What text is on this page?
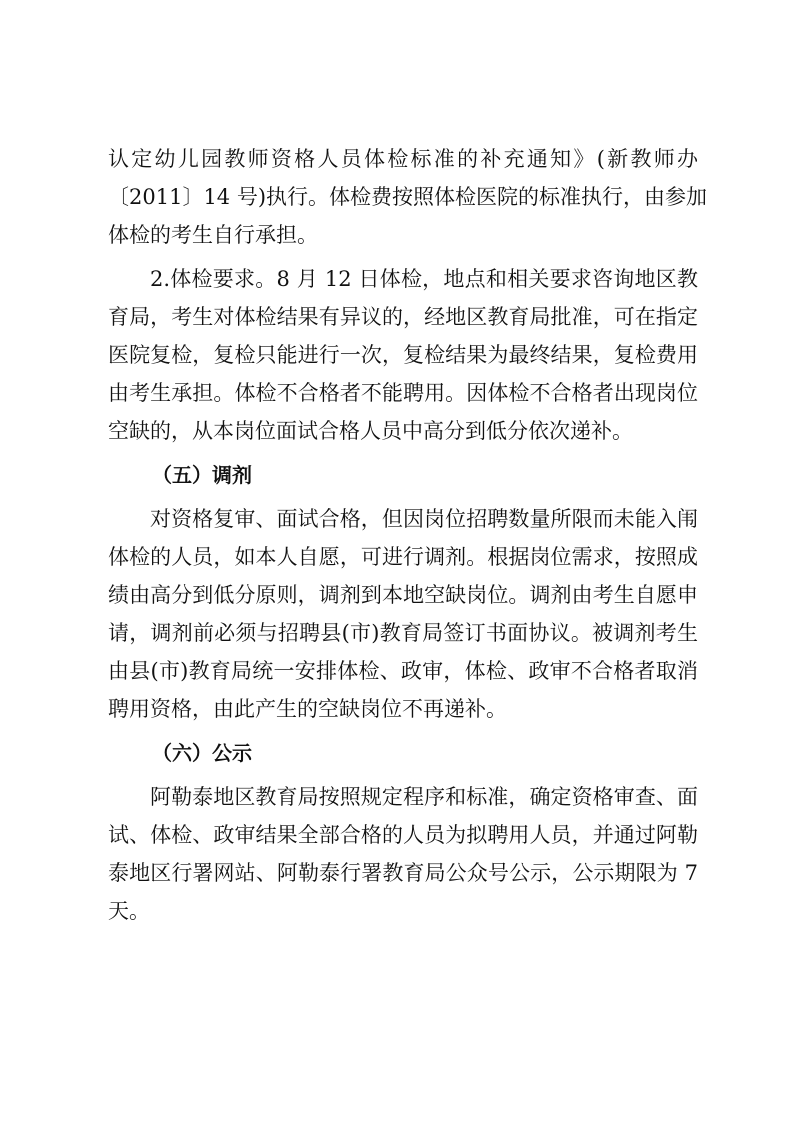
认定幼儿园教师资格人员体检标准的补充通知》(新教师办
〔2011〕14 号)执行。体检费按照体检医院的标准执行，由参加
体检的考生自行承担。
2.体检要求。8 月 12 日体检，地点和相关要求咨询地区教
育局，考生对体检结果有异议的，经地区教育局批准，可在指定
医院复检，复检只能进行一次，复检结果为最终结果，复检费用
由考生承担。体检不合格者不能聘用。因体检不合格者出现岗位
空缺的，从本岗位面试合格人员中高分到低分依次递补。
（五）调剂
对资格复审、面试合格，但因岗位招聘数量所限而未能入闱
体检的人员，如本人自愿，可进行调剂。根据岗位需求，按照成
绩由高分到低分原则，调剂到本地空缺岗位。调剂由考生自愿申
请，调剂前必须与招聘县(市)教育局签订书面协议。被调剂考生
由县(市)教育局统一安排体检、政审，体检、政审不合格者取消
聘用资格，由此产生的空缺岗位不再递补。
（六）公示
阿勒泰地区教育局按照规定程序和标准，确定资格审查、面
试、体检、政审结果全部合格的人员为拟聘用人员，并通过阿勒
泰地区行署网站、阿勒泰行署教育局公众号公示，公示期限为 7
天。
